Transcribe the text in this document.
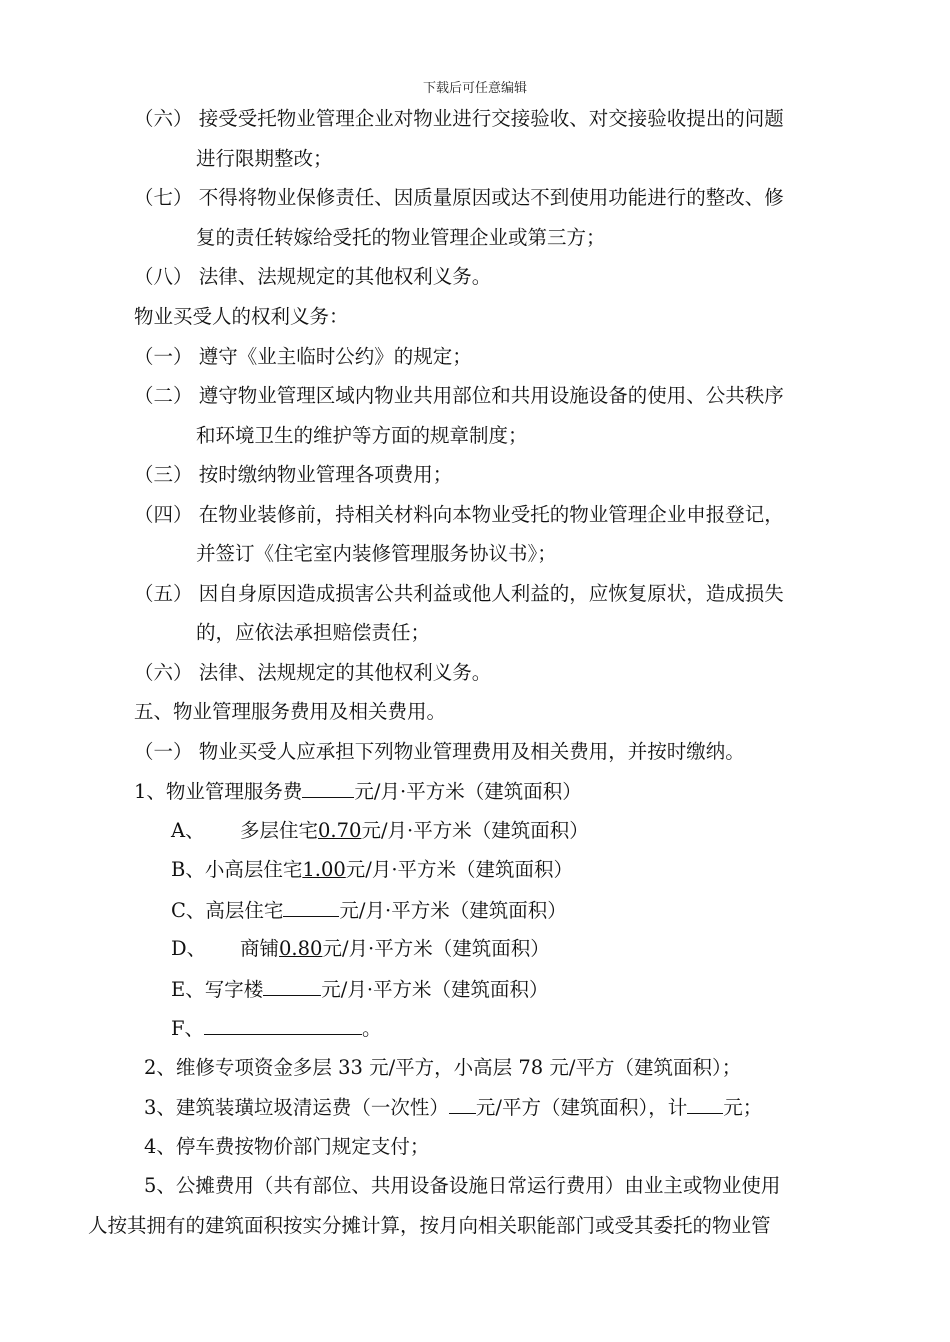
下载后可任意编辑
（六） 接受受托物业管理企业对物业进行交接验收、对交接验收提出的问题
进行限期整改；
（七） 不得将物业保修责任、因质量原因或达不到使用功能进行的整改、修
复的责任转嫁给受托的物业管理企业或第三方；
（八） 法律、法规规定的其他权利义务。
物业买受人的权利义务：
（一） 遵守《业主临时公约》的规定；
（二） 遵守物业管理区域内物业共用部位和共用设施设备的使用、公共秩序
和环境卫生的维护等方面的规章制度；
（三） 按时缴纳物业管理各项费用；
（四） 在物业装修前，持相关材料向本物业受托的物业管理企业申报登记，
并签订《住宅室内装修管理服务协议书》；
（五） 因自身原因造成损害公共利益或他人利益的，应恢复原状，造成损失
的，应依法承担赔偿责任；
（六） 法律、法规规定的其他权利义务。
五、物业管理服务费用及相关费用。
（一） 物业买受人应承担下列物业管理费用及相关费用，并按时缴纳。
1、物业管理服务费	元/月·平方米（建筑面积）
A、 多层住宅0.70元/月·平方米（建筑面积）
B、小高层住宅1.00元/月·平方米（建筑面积）
C、高层住宅	元/月·平方米（建筑面积）
D、 商铺0.80元/月·平方米（建筑面积）
E、写字楼	元/月·平方米（建筑面积）
F、	。
2、维修专项资金多层 33 元/平方，小高层 78 元/平方（建筑面积）；
3、建筑装璜垃圾清运费（一次性） 元/平方（建筑面积），计 元；
4、停车费按物价部门规定支付；
5、公摊费用（共有部位、共用设备设施日常运行费用）由业主或物业使用
人按其拥有的建筑面积按实分摊计算，按月向相关职能部门或受其委托的物业管
